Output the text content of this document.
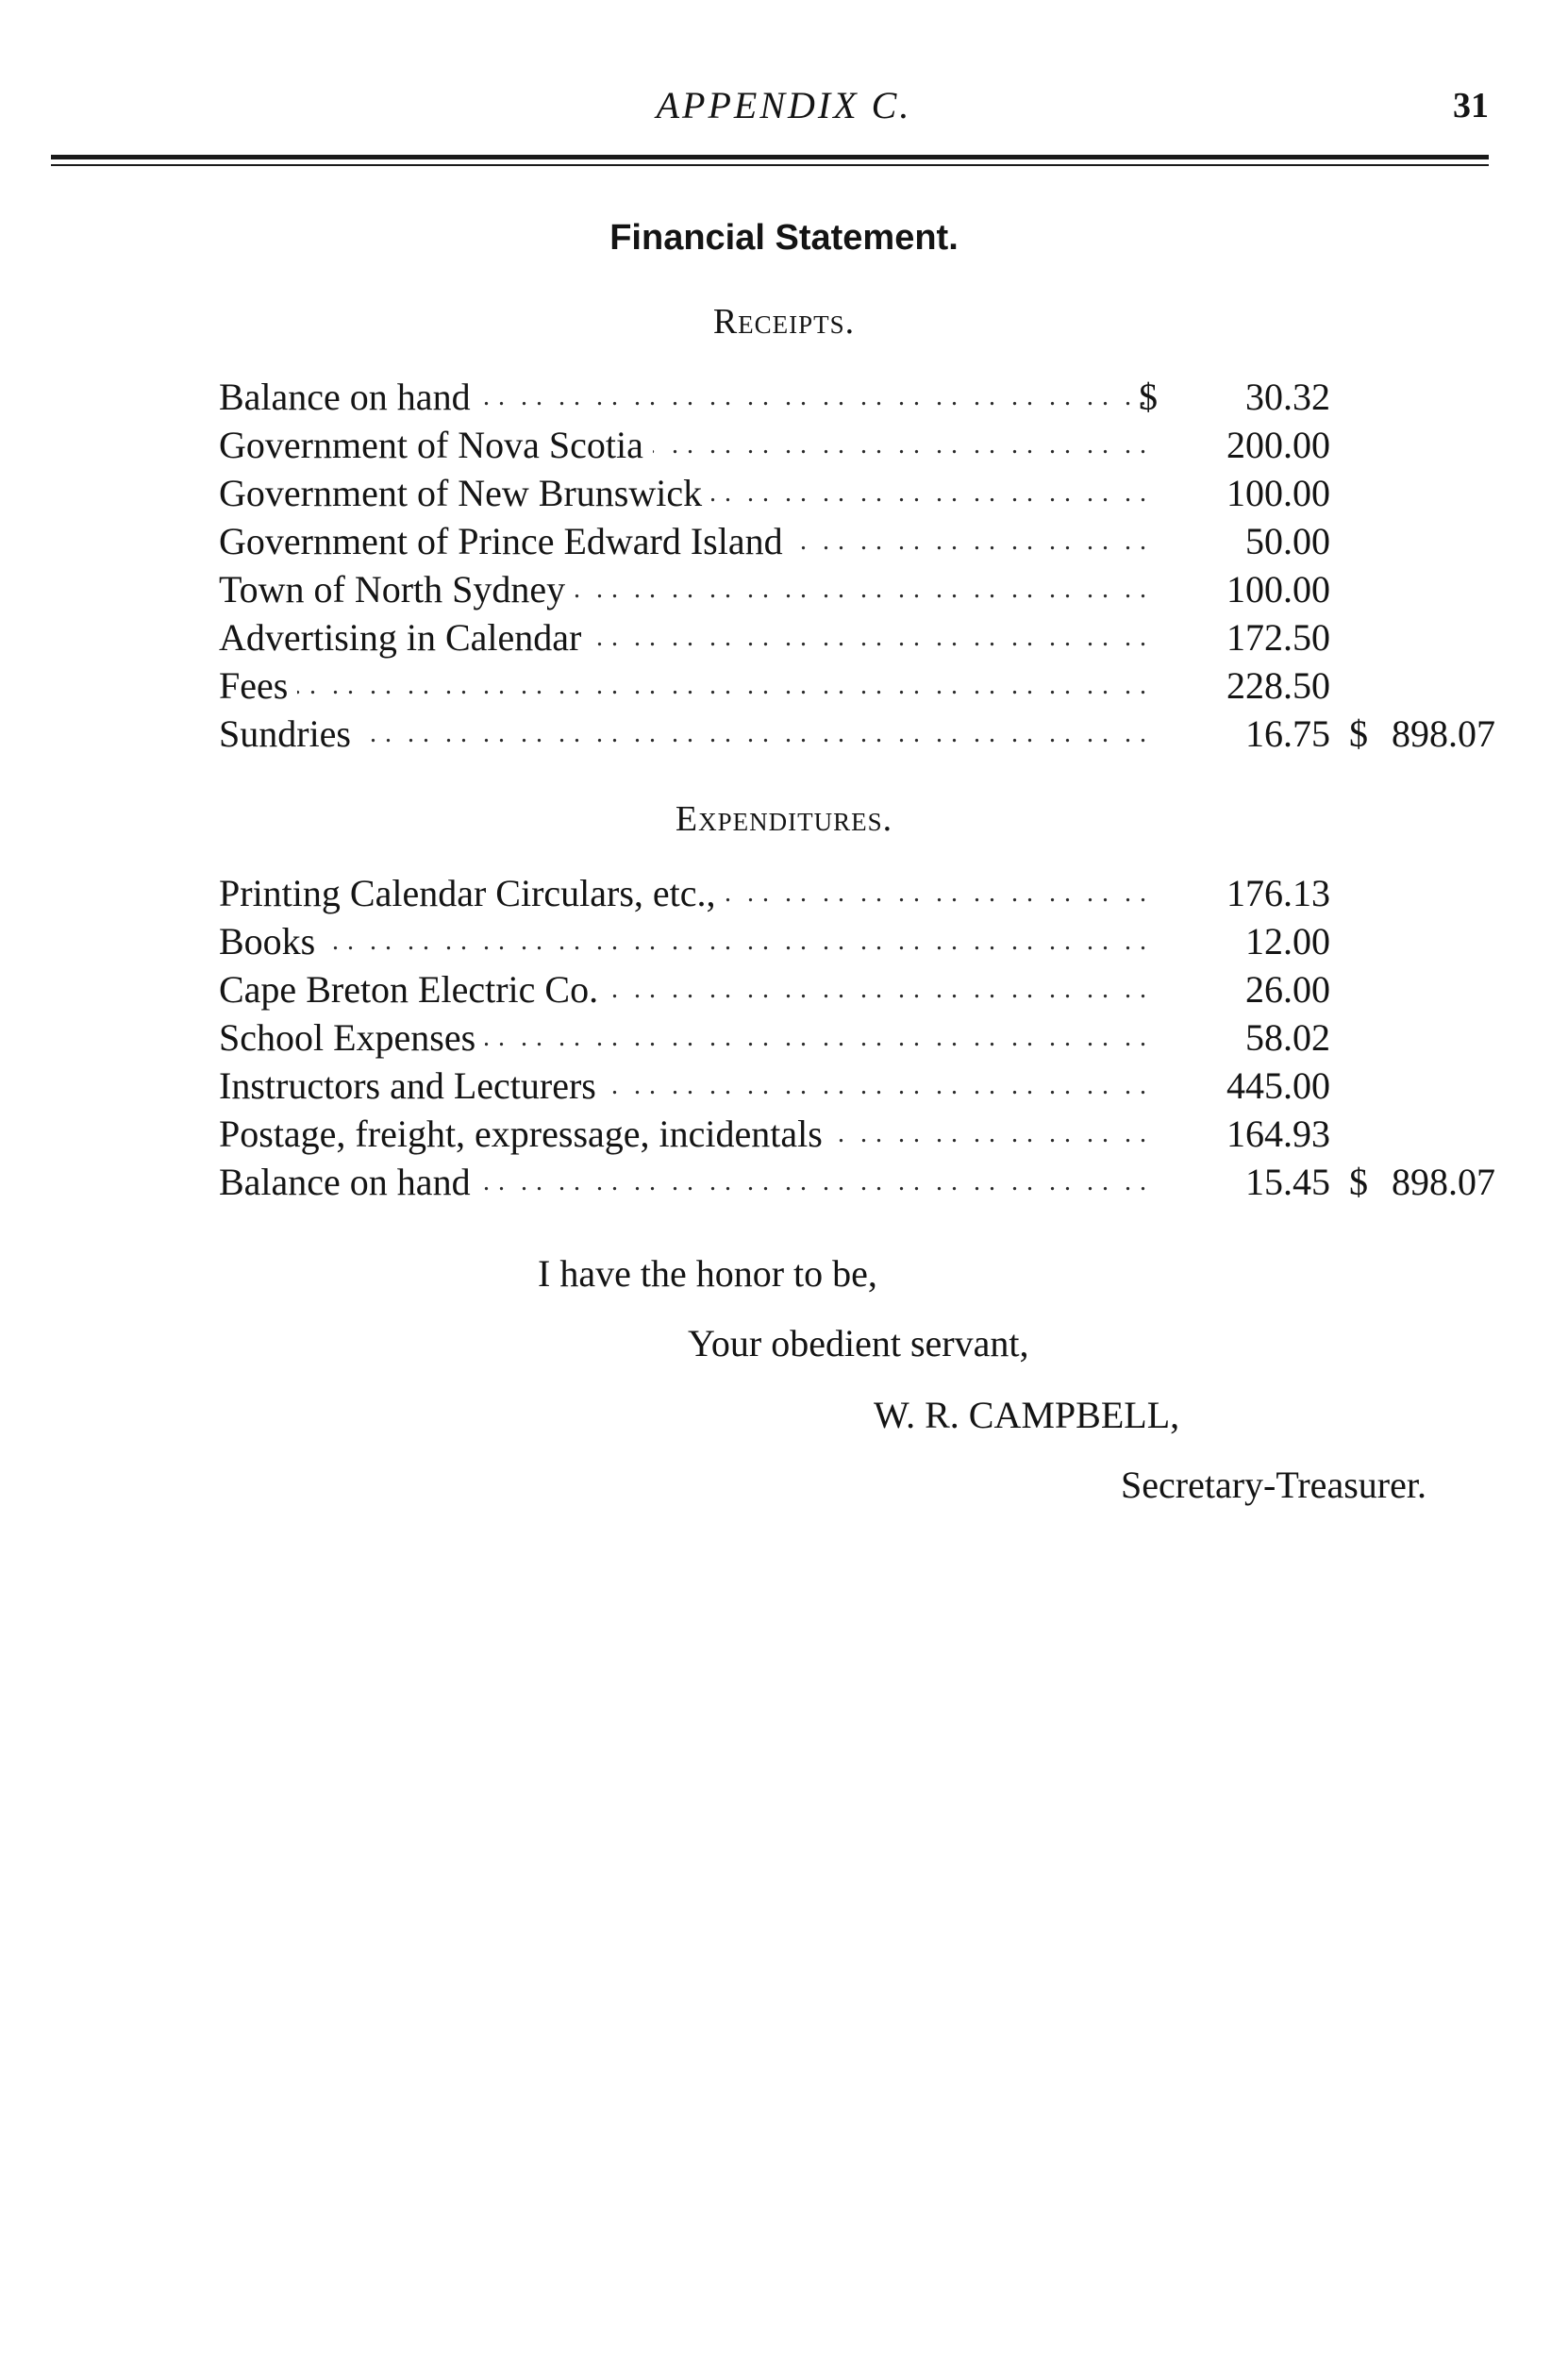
APPENDIX C.	31
Financial Statement.
Receipts.
Balance on hand . .	$	30.32
Government of Nova Scotia . .	200.00
Government of New Brunswick . .	100.00
Government of Prince Edward Island . .	50.00
Town of North Sydney . .	100.00
Advertising in Calendar . .	172.50
Fees . .	228.50
Sundries . .	16.75 $ 898.07
Expenditures.
Printing Calendar Circulars, etc., . .	176.13
Books . .	12.00
Cape Breton Electric Co. . .	26.00
School Expenses . .	58.02
Instructors and Lecturers . .	445.00
Postage, freight, expressage, incidentals . .	164.93
Balance on hand . .	15.45 $ 898.07
I have the honor to be,
Your obedient servant,
W. R. CAMPBELL,
Secretary-Treasurer.
